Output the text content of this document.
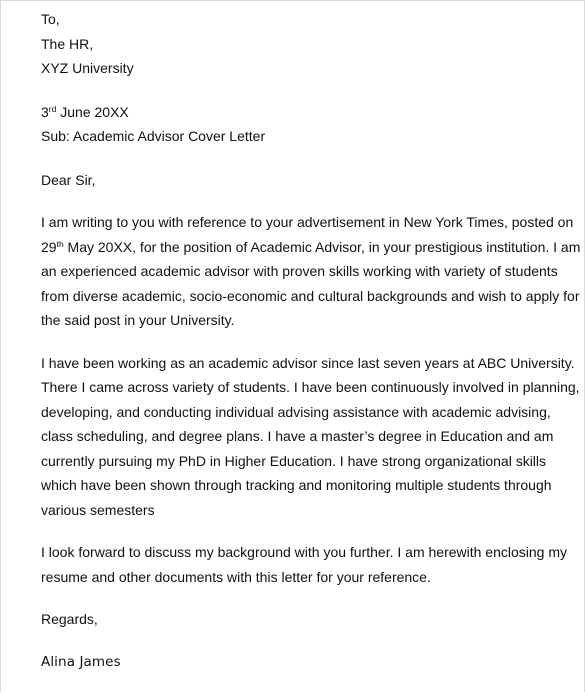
To,
The HR,
XYZ University
3rd June 20XX
Sub: Academic Advisor Cover Letter
Dear Sir,
I am writing to you with reference to your advertisement in New York Times, posted on
29th May 20XX, for the position of Academic Advisor, in your prestigious institution. I am
an experienced academic advisor with proven skills working with variety of students
from diverse academic, socio-economic and cultural backgrounds and wish to apply for
the said post in your University.
I have been working as an academic advisor since last seven years at ABC University.
There I came across variety of students. I have been continuously involved in planning,
developing, and conducting individual advising assistance with academic advising,
class scheduling, and degree plans. I have a master’s degree in Education and am
currently pursuing my PhD in Higher Education. I have strong organizational skills
which have been shown through tracking and monitoring multiple students through
various semesters
I look forward to discuss my background with you further. I am herewith enclosing my
resume and other documents with this letter for your reference.
Regards,
Alina James
